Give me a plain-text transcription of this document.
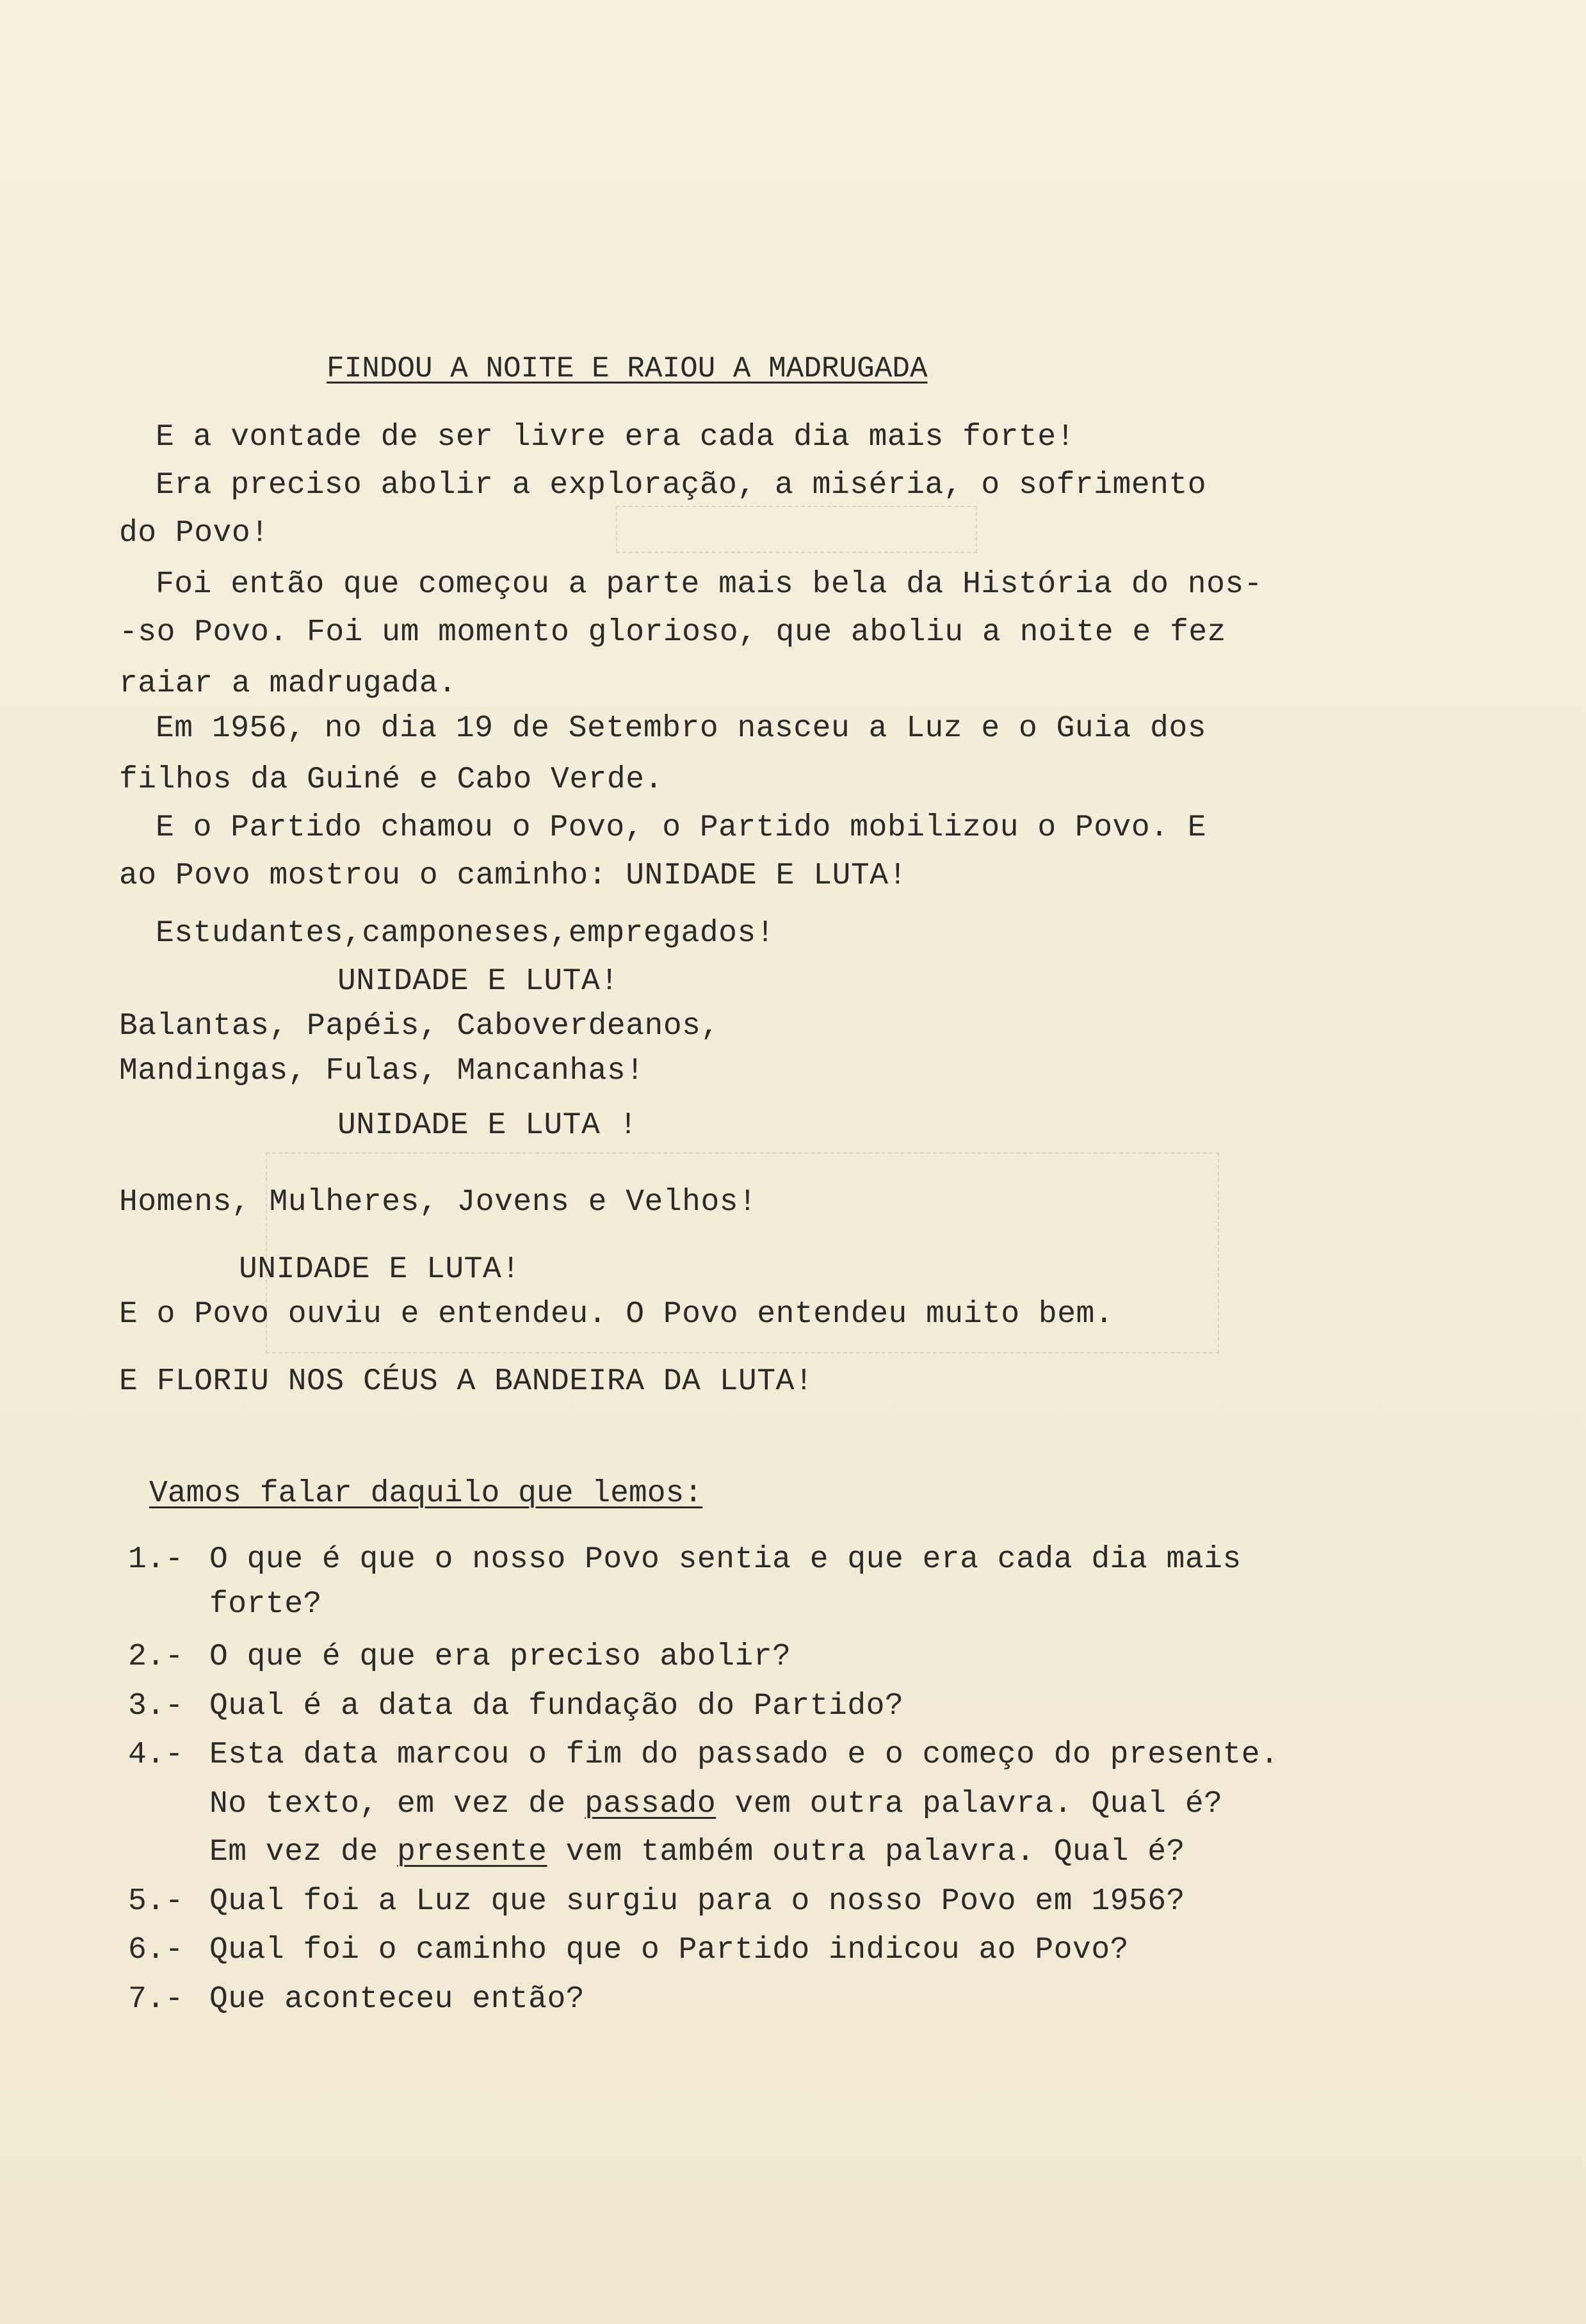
FINDOU A NOITE E RAIOU A MADRUGADA
E a vontade de ser livre era cada dia mais forte!
Era preciso abolir a exploração, a miséria, o sofrimento
do Povo!
Foi então que começou a parte mais bela da História do nos-
-so Povo. Foi um momento glorioso, que aboliu a noite e fez
raiar a madrugada.
Em 1956, no dia 19 de Setembro nasceu a Luz e o Guia dos
filhos da Guiné e Cabo Verde.
E o Partido chamou o Povo, o Partido mobilizou o Povo. E
ao Povo mostrou o caminho: UNIDADE E LUTA!
Estudantes,camponeses,empregados!
UNIDADE E LUTA!
Balantas, Papéis, Caboverdeanos,
Mandingas, Fulas, Mancanhas!
UNIDADE E LUTA !
Homens, Mulheres, Jovens e Velhos!
UNIDADE E LUTA!
E o Povo ouviu e entendeu. O Povo entendeu muito bem.
E FLORIU NOS CÉUS A BANDEIRA DA LUTA!
Vamos falar daquilo que lemos:
1.- O que é que o nosso Povo sentia e que era cada dia mais
forte?
2.- O que é que era preciso abolir?
3.- Qual é a data da fundação do Partido?
4.- Esta data marcou o fim do passado e o começo do presente.
No texto, em vez de passado vem outra palavra. Qual é?
Em vez de presente vem também outra palavra. Qual é?
5.- Qual foi a Luz que surgiu para o nosso Povo em 1956?
6.- Qual foi o caminho que o Partido indicou ao Povo?
7.- Que aconteceu então?
